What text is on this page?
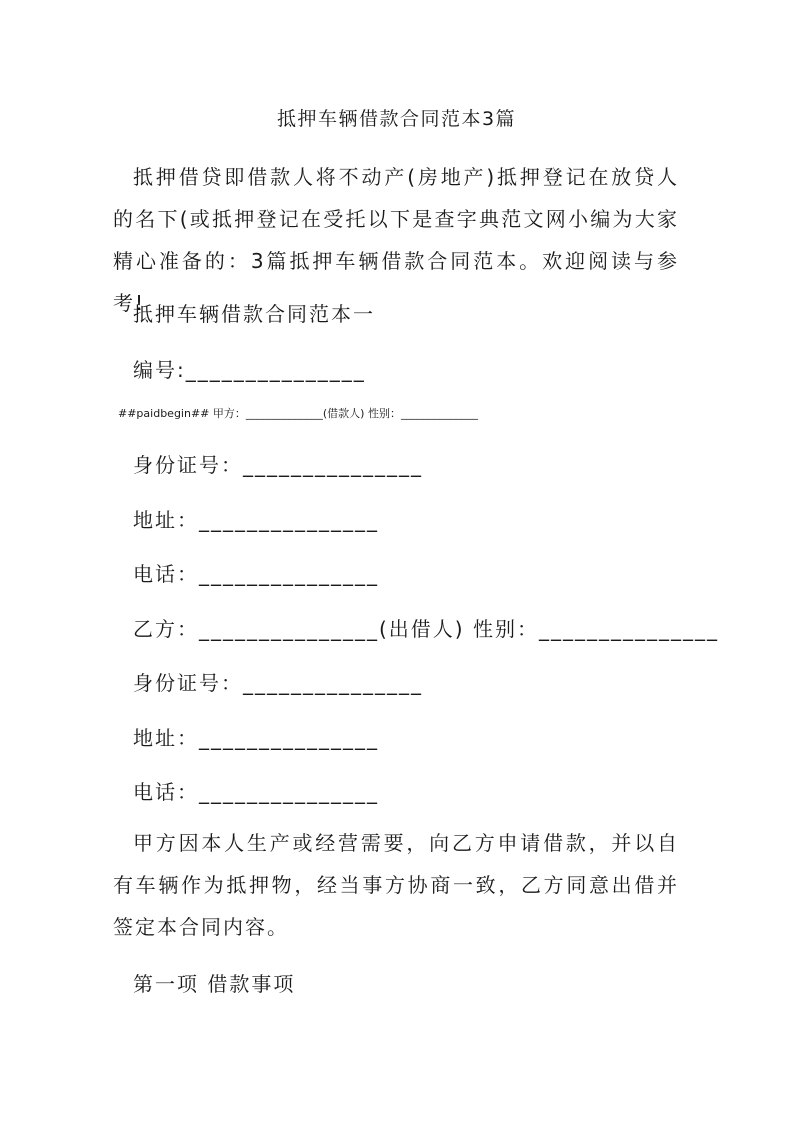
抵押车辆借款合同范本3篇

抵押借贷即借款人将不动产(房地产)抵押登记在放贷人的名下(或抵押登记在受托以下是查字典范文网小编为大家精心准备的：3篇抵押车辆借款合同范本。欢迎阅读与参考!

抵押车辆借款合同范本一
编号:_______________
##paidbegin## 甲方：______________(借款人) 性别：______________
身份证号：_______________
地址：_______________
电话：_______________
乙方：_______________(出借人) 性别：_______________
身份证号：_______________
地址：_______________
电话：_______________

甲方因本人生产或经营需要，向乙方申请借款，并以自有车辆作为抵押物，经当事方协商一致，乙方同意出借并签定本合同内容。

第一项 借款事项
